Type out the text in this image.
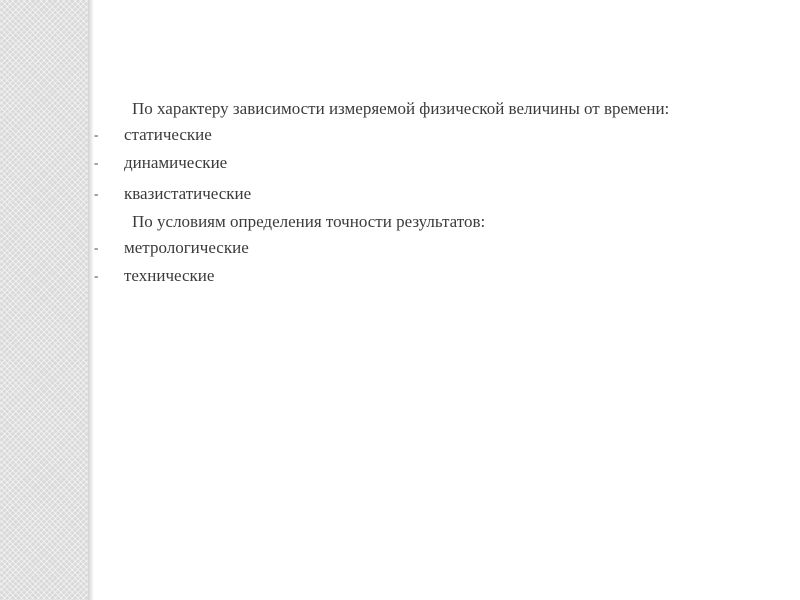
По характеру зависимости измеряемой физической величины от времени:
-	статические
-	динамические
-	квазистатические
По условиям определения точности результатов:
-	метрологические
-	технические
